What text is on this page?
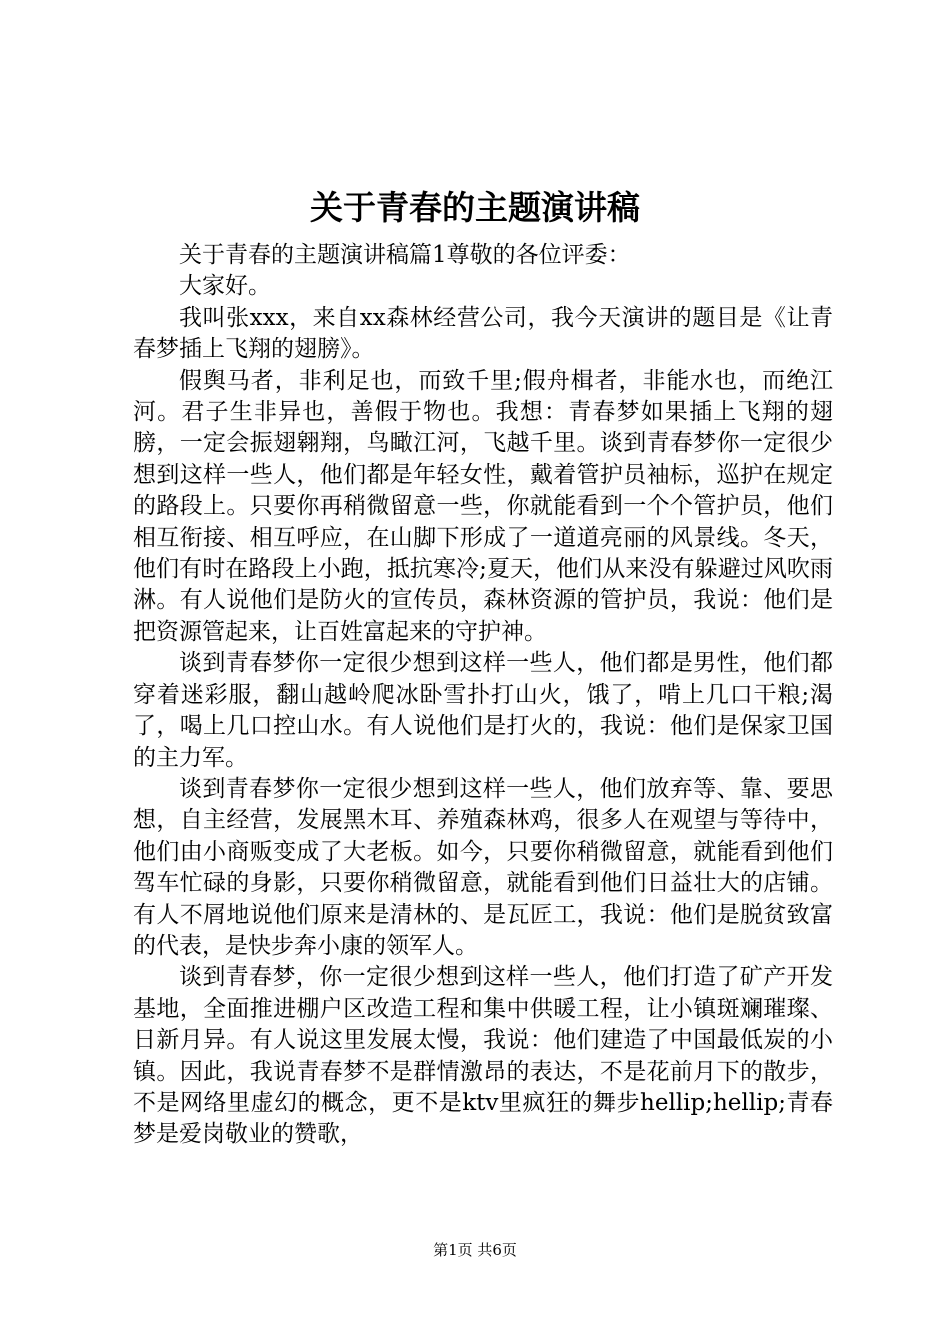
关于青春的主题演讲稿

关于青春的主题演讲稿篇1尊敬的各位评委：

大家好。

我叫张xxx，来自xx森林经营公司，我今天演讲的题目是《让青春梦插上飞翔的翅膀》。

假舆马者，非利足也，而致千里;假舟楫者，非能水也，而绝江河。君子生非异也，善假于物也。我想：青春梦如果插上飞翔的翅膀，一定会振翅翱翔，鸟瞰江河，飞越千里。谈到青春梦你一定很少想到这样一些人，他们都是年轻女性，戴着管护员袖标，巡护在规定的路段上。只要你再稍微留意一些，你就能看到一个个管护员，他们相互衔接、相互呼应，在山脚下形成了一道道亮丽的风景线。冬天，他们有时在路段上小跑，抵抗寒冷;夏天，他们从来没有躲避过风吹雨淋。有人说他们是防火的宣传员，森林资源的管护员，我说：他们是把资源管起来，让百姓富起来的守护神。

谈到青春梦你一定很少想到这样一些人，他们都是男性，他们都穿着迷彩服，翻山越岭爬冰卧雪扑打山火，饿了，啃上几口干粮;渴了，喝上几口控山水。有人说他们是打火的，我说：他们是保家卫国的主力军。

谈到青春梦你一定很少想到这样一些人，他们放弃等、靠、要思想，自主经营，发展黑木耳、养殖森林鸡，很多人在观望与等待中，他们由小商贩变成了大老板。如今，只要你稍微留意，就能看到他们驾车忙碌的身影，只要你稍微留意，就能看到他们日益壮大的店铺。有人不屑地说他们原来是清林的、是瓦匠工，我说：他们是脱贫致富的代表，是快步奔小康的领军人。

谈到青春梦，你一定很少想到这样一些人，他们打造了矿产开发基地，全面推进棚户区改造工程和集中供暖工程，让小镇斑斓璀璨、日新月异。有人说这里发展太慢，我说：他们建造了中国最低炭的小镇。因此，我说青春梦不是群情激昂的表达，不是花前月下的散步，不是网络里虚幻的概念，更不是ktv里疯狂的舞步hellip;hellip;青春梦是爱岗敬业的赞歌，

第1页 共6页
